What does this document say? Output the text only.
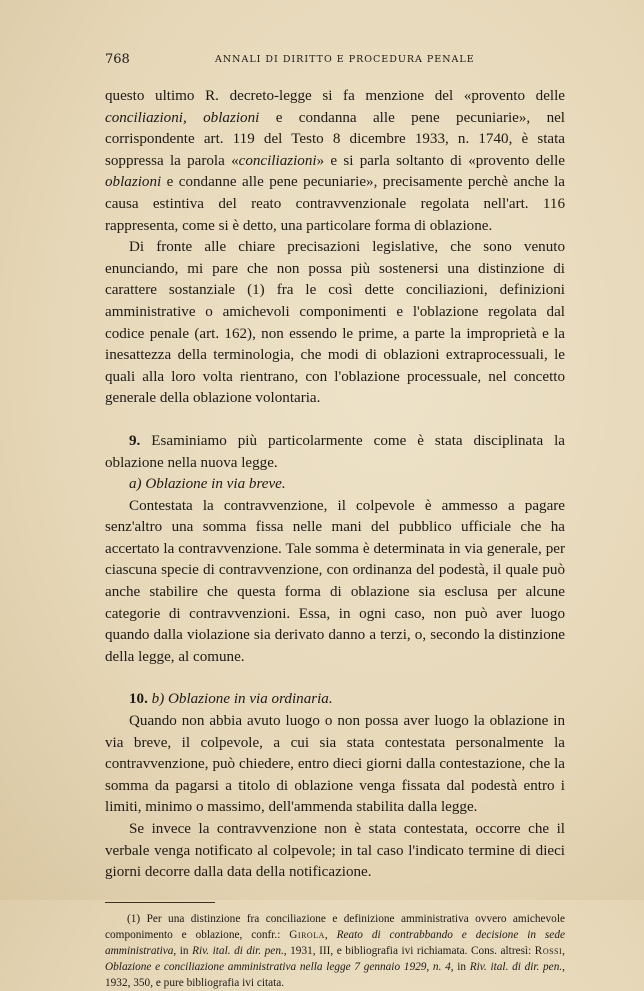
768	ANNALI DI DIRITTO E PROCEDURA PENALE

questo ultimo R. decreto-legge si fa menzione del «provento delle conciliazioni, oblazioni e condanna alle pene pecuniarie», nel corrispondente art. 119 del Testo 8 dicembre 1933, n. 1740, è stata soppressa la parola «conciliazioni» e si parla soltanto di «provento delle oblazioni e condanne alle pene pecuniarie», precisamente perchè anche la causa estintiva del reato contravvenzionale regolata nell'art. 116 rappresenta, come si è detto, una particolare forma di oblazione.

Di fronte alle chiare precisazioni legislative, che sono venuto enunciando, mi pare che non possa più sostenersi una distinzione di carattere sostanziale (1) fra le così dette conciliazioni, definizioni amministrative o amichevoli componimenti e l'oblazione regolata dal codice penale (art. 162), non essendo le prime, a parte la improprietà e la inesattezza della terminologia, che modi di oblazioni extraprocessuali, le quali alla loro volta rientrano, con l'oblazione processuale, nel concetto generale della oblazione volontaria.

9. Esaminiamo più particolarmente come è stata disciplinata la oblazione nella nuova legge.

a) Oblazione in via breve.

Contestata la contravvenzione, il colpevole è ammesso a pagare senz'altro una somma fissa nelle mani del pubblico ufficiale che ha accertato la contravvenzione. Tale somma è determinata in via generale, per ciascuna specie di contravvenzione, con ordinanza del podestà, il quale può anche stabilire che questa forma di oblazione sia esclusa per alcune categorie di contravvenzioni. Essa, in ogni caso, non può aver luogo quando dalla violazione sia derivato danno a terzi, o, secondo la distinzione della legge, al comune.

10. b) Oblazione in via ordinaria.

Quando non abbia avuto luogo o non possa aver luogo la oblazione in via breve, il colpevole, a cui sia stata contestata personalmente la contravvenzione, può chiedere, entro dieci giorni dalla contestazione, che la somma da pagarsi a titolo di oblazione venga fissata dal podestà entro i limiti, minimo o massimo, dell'ammenda stabilita dalla legge.

Se invece la contravvenzione non è stata contestata, occorre che il verbale venga notificato al colpevole; in tal caso l'indicato termine di dieci giorni decorre dalla data della notificazione.

(1) Per una distinzione fra conciliazione e definizione amministrativa ovvero amichevole componimento e oblazione, confr.: Girola, Reato di contrabbando e decisione in sede amministrativa, in Riv. ital. di dir. pen., 1931, III, e bibliografia ivi richiamata. Cons. altresì: Rossi, Oblazione e conciliazione amministrativa nella legge 7 gennaio 1929, n. 4, in Riv. ital. di dir. pen., 1932, 350, e pure bibliografia ivi citata.
